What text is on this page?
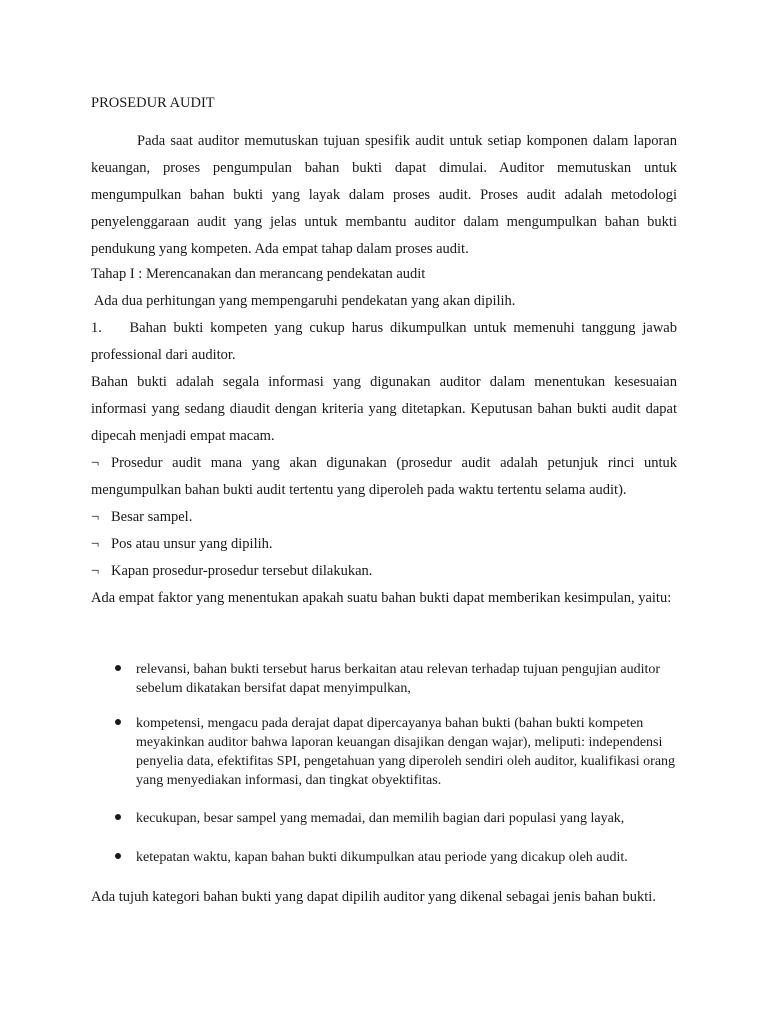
PROSEDUR AUDIT

Pada saat auditor memutuskan tujuan spesifik audit untuk setiap komponen dalam laporan keuangan, proses pengumpulan bahan bukti dapat dimulai. Auditor memutuskan untuk mengumpulkan bahan bukti yang layak dalam proses audit. Proses audit adalah metodologi penyelenggaraan audit yang jelas untuk membantu auditor dalam mengumpulkan bahan bukti pendukung yang kompeten. Ada empat tahap dalam proses audit.

Tahap I : Merencanakan dan merancang pendekatan audit

Ada dua perhitungan yang mempengaruhi pendekatan yang akan dipilih.

1.    Bahan bukti kompeten yang cukup harus dikumpulkan untuk memenuhi tanggung jawab professional dari auditor.

Bahan bukti adalah segala informasi yang digunakan auditor dalam menentukan kesesuaian informasi yang sedang diaudit dengan kriteria yang ditetapkan. Keputusan bahan bukti audit dapat dipecah menjadi empat macam.

¬ Prosedur audit mana yang akan digunakan (prosedur audit adalah petunjuk rinci untuk mengumpulkan bahan bukti audit tertentu yang diperoleh pada waktu tertentu selama audit).
¬ Besar sampel.
¬ Pos atau unsur yang dipilih.
¬ Kapan prosedur-prosedur tersebut dilakukan.

Ada empat faktor yang menentukan apakah suatu bahan bukti dapat memberikan kesimpulan, yaitu:

relevansi, bahan bukti tersebut harus berkaitan atau relevan terhadap tujuan pengujian auditor sebelum dikatakan bersifat dapat menyimpulkan,
kompetensi, mengacu pada derajat dapat dipercayanya bahan bukti (bahan bukti kompeten meyakinkan auditor bahwa laporan keuangan disajikan dengan wajar), meliputi: independensi penyelia data, efektifitas SPI, pengetahuan yang diperoleh sendiri oleh auditor, kualifikasi orang yang menyediakan informasi, dan tingkat obyektifitas.
kecukupan, besar sampel yang memadai, dan memilih bagian dari populasi yang layak,
ketepatan waktu, kapan bahan bukti dikumpulkan atau periode yang dicakup oleh audit.

Ada tujuh kategori bahan bukti yang dapat dipilih auditor yang dikenal sebagai jenis bahan bukti.
